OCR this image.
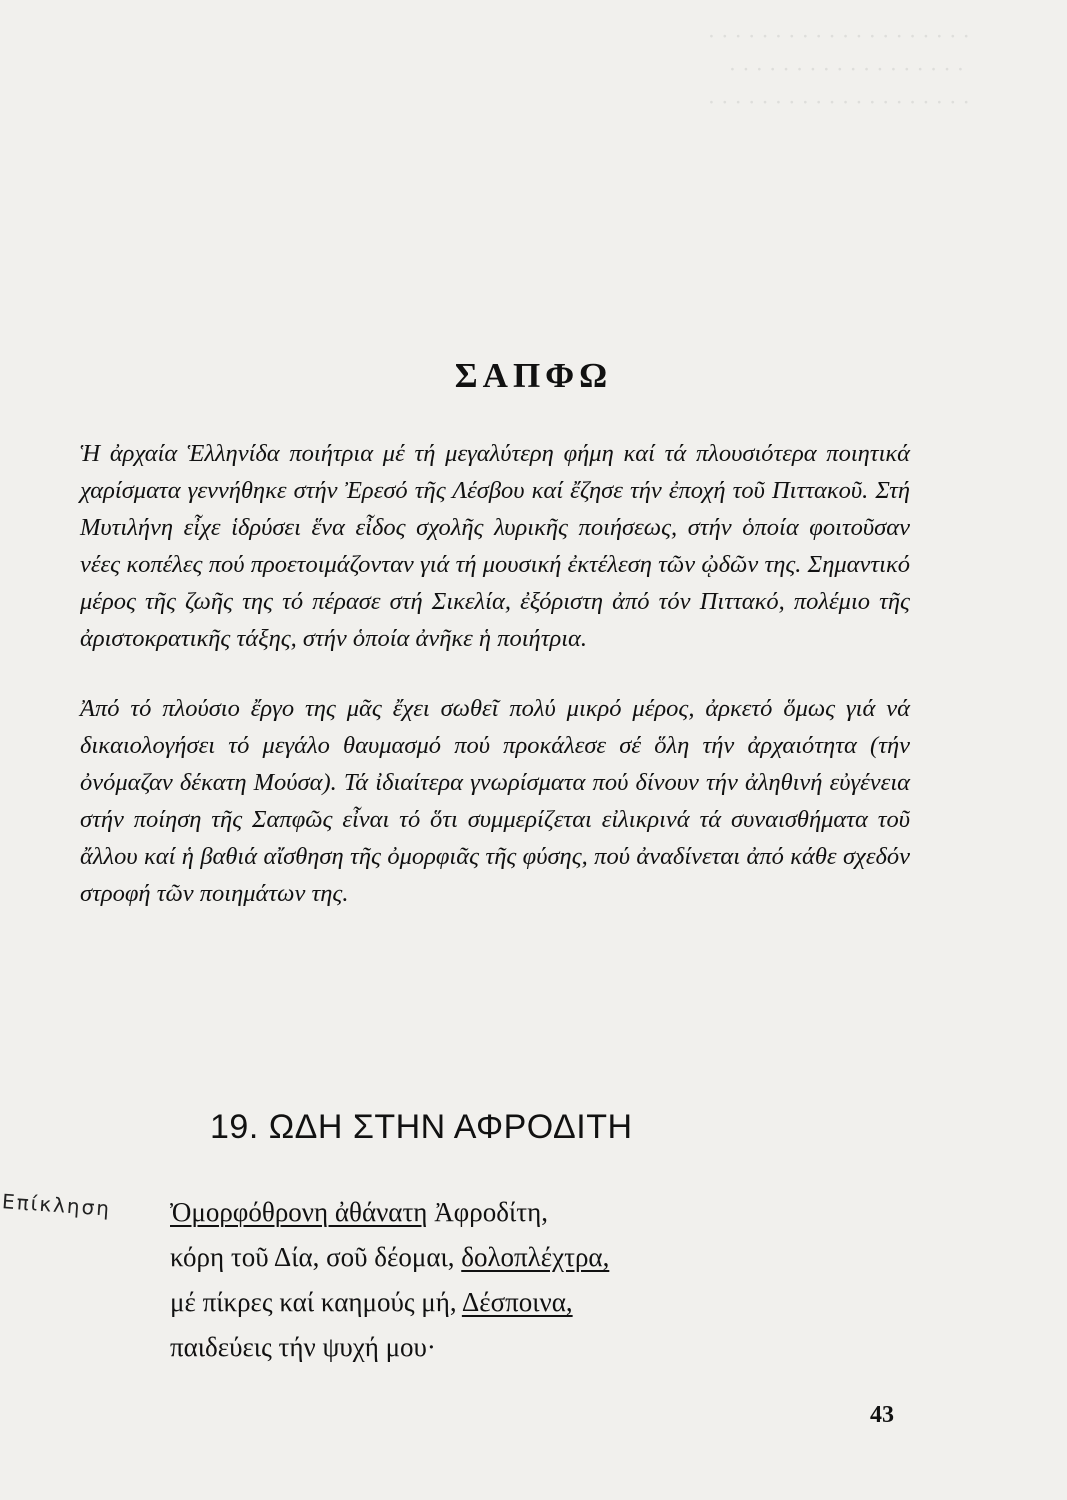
· · · · · · · · · · · · · · · · · · · ·
· · · · · · · · · · · · · · · · · ·
· · · · · · · · · · · · · · · · · · · ·
ΣΑΠΦΩ

Ἡ ἀρχαία Ἑλληνίδα ποιήτρια μέ τή μεγαλύτερη φήμη καί τά πλουσιότερα ποιητικά χαρίσματα γεννήθηκε στήν Ἐρεσό τῆς Λέσβου καί ἔζησε τήν ἐποχή τοῦ Πιττακοῦ. Στή Μυτιλήνη εἶχε ἱδρύσει ἕνα εἶδος σχολῆς λυρικῆς ποιήσεως, στήν ὁποία φοιτοῦσαν νέες κοπέλες πού προετοιμάζονταν γιά τή μουσική ἐκτέλεση τῶν ᾠδῶν της. Σημαντικό μέρος τῆς ζωῆς της τό πέρασε στή Σικελία, ἐξόριστη ἀπό τόν Πιττακό, πολέμιο τῆς ἀριστοκρατικῆς τάξης, στήν ὁποία ἀνῆκε ἡ ποιήτρια.

Ἀπό τό πλούσιο ἔργο της μᾶς ἔχει σωθεῖ πολύ μικρό μέρος, ἀρκετό ὅμως γιά νά δικαιολογήσει τό μεγάλο θαυμασμό πού προκάλεσε σέ ὅλη τήν ἀρχαιότητα (τήν ὀνόμαζαν δέκατη Μούσα). Τά ἰδιαίτερα γνωρίσματα πού δίνουν τήν ἀληθινή εὐγένεια στήν ποίηση τῆς Σαπφῶς εἶναι τό ὅτι συμμερίζεται εἰλικρινά τά συναισθήματα τοῦ ἄλλου καί ἡ βαθιά αἴσθηση τῆς ὀμορφιᾶς τῆς φύσης, πού ἀναδίνεται ἀπό κάθε σχεδόν στροφή τῶν ποιημάτων της.

19. ΩΔΗ ΣΤΗΝ ΑΦΡΟΔΙΤΗ
Επίκληση Ὀμορφόθρονη ἀθάνατη Ἀφροδίτη,
κόρη τοῦ Δία, σοῦ δέομαι, δολοπλέχτρα,
μέ πίκρες καί καημούς μή, Δέσποινα,
παιδεύεις τήν ψυχή μου·
43
